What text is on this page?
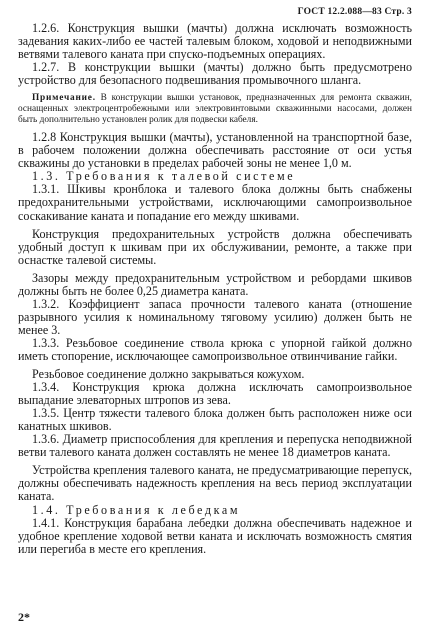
ГОСТ 12.2.088—83 Стр. 3

1.2.6. Конструкция вышки (мачты) должна исключать возможность задевания каких-либо ее частей талевым блоком, ходовой и неподвижными ветвями талевого каната при спуско-подъемных операциях.

1.2.7. В конструкции вышки (мачты) должно быть предусмотрено устройство для безопасного подвешивания промывочного шланга.

Примечание. В конструкции вышки установок, предназначенных для ремонта скважин, оснащенных электроцентробежными или электровинтовыми скважинными насосами, должен быть дополнительно установлен ролик для подвески кабеля.

1.2.8 Конструкция вышки (мачты), установленной на транспортной базе, в рабочем положении должна обеспечивать расстояние от оси устья скважины до установки в пределах рабочей зоны не менее 1,0 м.

1.3. Требования к талевой системе

1.3.1. Шкивы кронблока и талевого блока должны быть снабжены предохранительными устройствами, исключающими самопроизвольное соскакивание каната и попадание его между шкивами.

Конструкция предохранительных устройств должна обеспечивать удобный доступ к шкивам при их обслуживании, ремонте, а также при оснастке талевой системы.

Зазоры между предохранительным устройством и ребордами шкивов должны быть не более 0,25 диаметра каната.

1.3.2. Коэффициент запаса прочности талевого каната (отношение разрывного усилия к номинальному тяговому усилию) должен быть не менее 3.

1.3.3. Резьбовое соединение ствола крюка с упорной гайкой должно иметь стопорение, исключающее самопроизвольное отвинчивание гайки.

Резьбовое соединение должно закрываться кожухом.

1.3.4. Конструкция крюка должна исключать самопроизвольное выпадание элеваторных штропов из зева.

1.3.5. Центр тяжести талевого блока должен быть расположен ниже оси канатных шкивов.

1.3.6. Диаметр приспособления для крепления и перепуска неподвижной ветви талевого каната должен составлять не менее 18 диаметров каната.

Устройства крепления талевого каната, не предусматривающие перепуск, должны обеспечивать надежность крепления на весь период эксплуатации каната.

1.4. Требования к лебедкам

1.4.1. Конструкция барабана лебедки должна обеспечивать надежное и удобное крепление ходовой ветви каната и исключать возможность смятия или перегиба в месте его крепления.

2*
